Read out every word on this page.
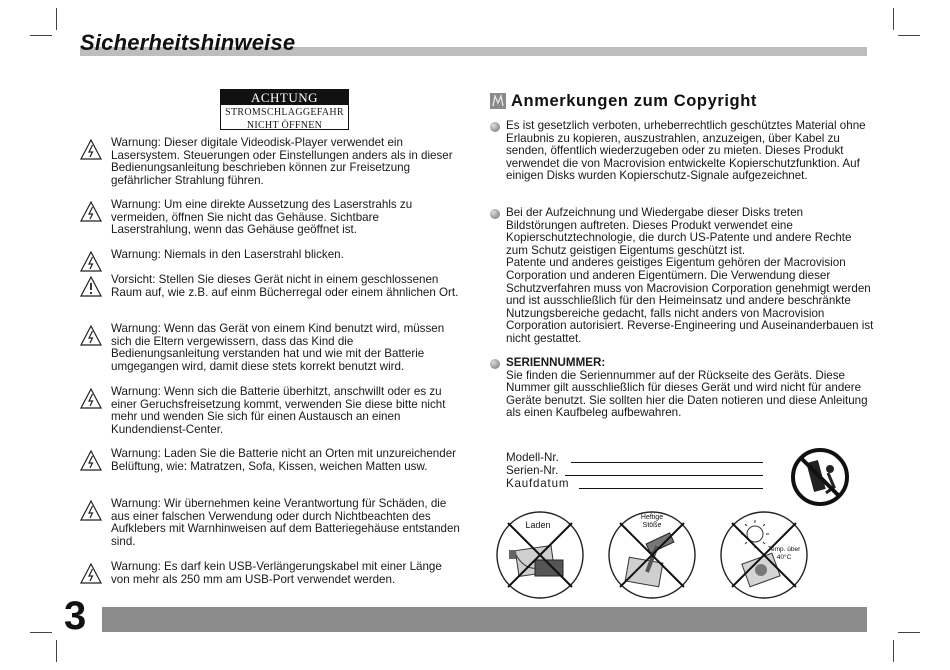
Sicherheitshinweise
ACHTUNG
STROMSCHLAGGEFAHR
NICHT ÖFFNEN
Warnung: Dieser digitale Videodisk-Player verwendet ein Lasersystem. Steuerungen oder Einstellungen anders als in dieser Bedienungsanleitung beschrieben können zur Freisetzung gefährlicher Strahlung führen.
Warnung: Um eine direkte Aussetzung des Laserstrahls zu vermeiden, öffnen Sie nicht das Gehäuse. Sichtbare Laserstrahlung, wenn das Gehäuse geöffnet ist.
Warnung: Niemals in den Laserstrahl blicken.
Vorsicht: Stellen Sie dieses Gerät nicht in einem geschlossenen Raum auf, wie z.B. auf einm Bücherregal oder einem ähnlichen Ort.
Warnung: Wenn das Gerät von einem Kind benutzt wird, müssen sich die Eltern vergewissern, dass das Kind die Bedienungsanleitung verstanden hat und wie mit der Batterie umgegangen wird, damit diese stets korrekt benutzt wird.
Warnung: Wenn sich die Batterie überhitzt, anschwillt oder es zu einer Geruchsfreisetzung kommt, verwenden Sie diese bitte nicht mehr und wenden Sie sich für einen Austausch an einen Kundendienst-Center.
Warnung: Laden Sie die Batterie nicht an Orten mit unzureichender Belüftung, wie: Matratzen, Sofa, Kissen, weichen Matten usw.
Warnung: Wir übernehmen keine Verantwortung für Schäden, die aus einer falschen Verwendung oder durch Nichtbeachten des Aufklebers mit Warnhinweisen auf dem Batteriegehäuse entstanden sind.
Warnung: Es darf kein USB-Verlängerungskabel mit einer Länge von mehr als 250 mm am USB-Port verwendet werden.
Anmerkungen zum Copyright
Es ist gesetzlich verboten, urheberrechtlich geschütztes Material ohne Erlaubnis zu kopieren, auszustrahlen, anzuzeigen, über Kabel zu senden, öffentlich wiederzugeben oder zu mieten. Dieses Produkt verwendet die von Macrovision entwickelte Kopierschutzfunktion. Auf einigen Disks wurden Kopierschutz-Signale aufgezeichnet.

Bei der Aufzeichnung und Wiedergabe dieser Disks treten Bildstörungen auftreten. Dieses Produkt verwendet eine Kopierschutztechnologie, die durch US-Patente und andere Rechte zum Schutz geistigen Eigentums geschützt ist.

Patente und anderes geistiges Eigentum gehören der Macrovision Corporation und anderen Eigentümern. Die Verwendung dieser Schutzverfahren muss von Macrovision Corporation genehmigt werden und ist ausschließlich für den Heimeinsatz und andere beschränkte Nutzungsbereiche gedacht, falls nicht anders von Macrovision Corporation autorisiert. Reverse-Engineering und Auseinanderbauen ist nicht gestattet.

SERIENNUMMER:

Sie finden die Seriennummer auf der Rückseite des Geräts. Diese Nummer gilt ausschließlich für dieses Gerät und wird nicht für andere Geräte benutzt. Sie sollten hier die Daten notieren und diese Anleitung als einen Kaufbeleg aufbewahren.

Modell-Nr.
Serien-Nr.
Kaufdatum
Laden
Heftige
Stöße
Temp. über
40°C
3
